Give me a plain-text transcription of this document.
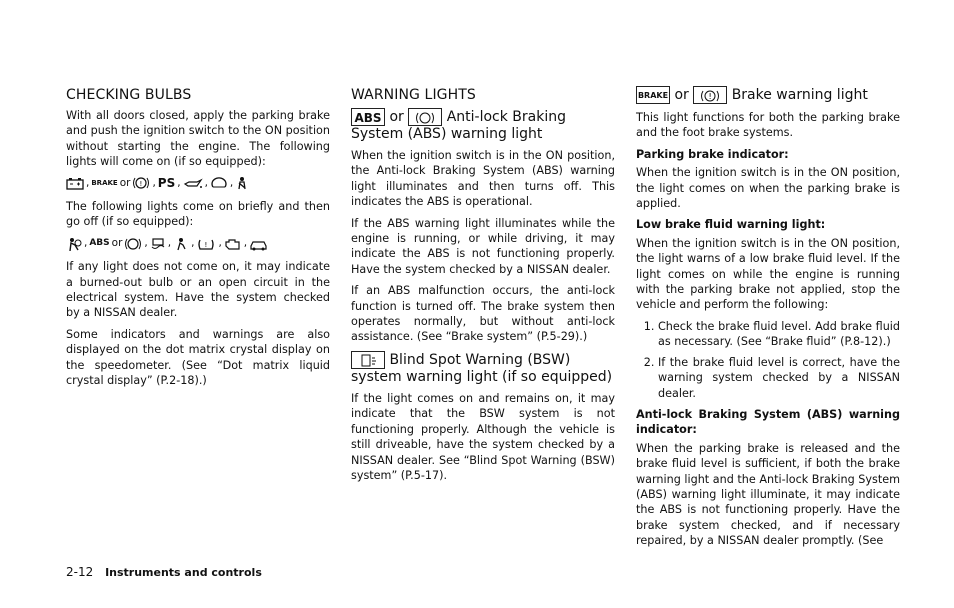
CHECKING BULBS

With all doors closed, apply the parking brake and push the ignition switch to the ON position without starting the engine. The following lights will come on (if so equipped):

, BRAKE or ! , PS , , ,

The following lights come on briefly and then go off (if so equipped):

, ABS or , , , ! , ,

If any light does not come on, it may indicate a burned-out bulb or an open circuit in the electrical system. Have the system checked by a NISSAN dealer.

Some indicators and warnings are also displayed on the dot matrix crystal display on the speedometer. (See “Dot matrix liquid crystal display” (P.2-18).)

WARNING LIGHTS
ABS or	Anti-lock Braking System (ABS) warning light

When the ignition switch is in the ON position, the Anti-lock Braking System (ABS) warning light illuminates and then turns off. This indicates the ABS is operational.

If the ABS warning light illuminates while the engine is running, or while driving, it may indicate the ABS is not functioning properly. Have the system checked by a NISSAN dealer.

If an ABS malfunction occurs, the anti-lock function is turned off. The brake system then operates normally, but without anti-lock assistance. (See “Brake system” (P.5-29).)

Blind Spot Warning (BSW) system warning light (if so equipped)

If the light comes on and remains on, it may indicate that the BSW system is not functioning properly. Although the vehicle is still driveable, have the system checked by a NISSAN dealer. See “Blind Spot Warning (BSW) system” (P.5-17).

BRAKE or ! Brake warning light

This light functions for both the parking brake and the foot brake systems.

Parking brake indicator:

When the ignition switch is in the ON position, the light comes on when the parking brake is applied.

Low brake fluid warning light:

When the ignition switch is in the ON position, the light warns of a low brake fluid level. If the light comes on while the engine is running with the parking brake not applied, stop the vehicle and perform the following:

1. Check the brake fluid level. Add brake fluid as necessary. (See “Brake fluid” (P.8-12).)
2. If the brake fluid level is correct, have the warning system checked by a NISSAN dealer.

Anti-lock Braking System (ABS) warning indicator:

When the parking brake is released and the brake fluid level is sufficient, if both the brake warning light and the Anti-lock Braking System (ABS) warning light illuminate, it may indicate the ABS is not functioning properly. Have the brake system checked, and if necessary repaired, by a NISSAN dealer promptly. (See

2-12 Instruments and controls
